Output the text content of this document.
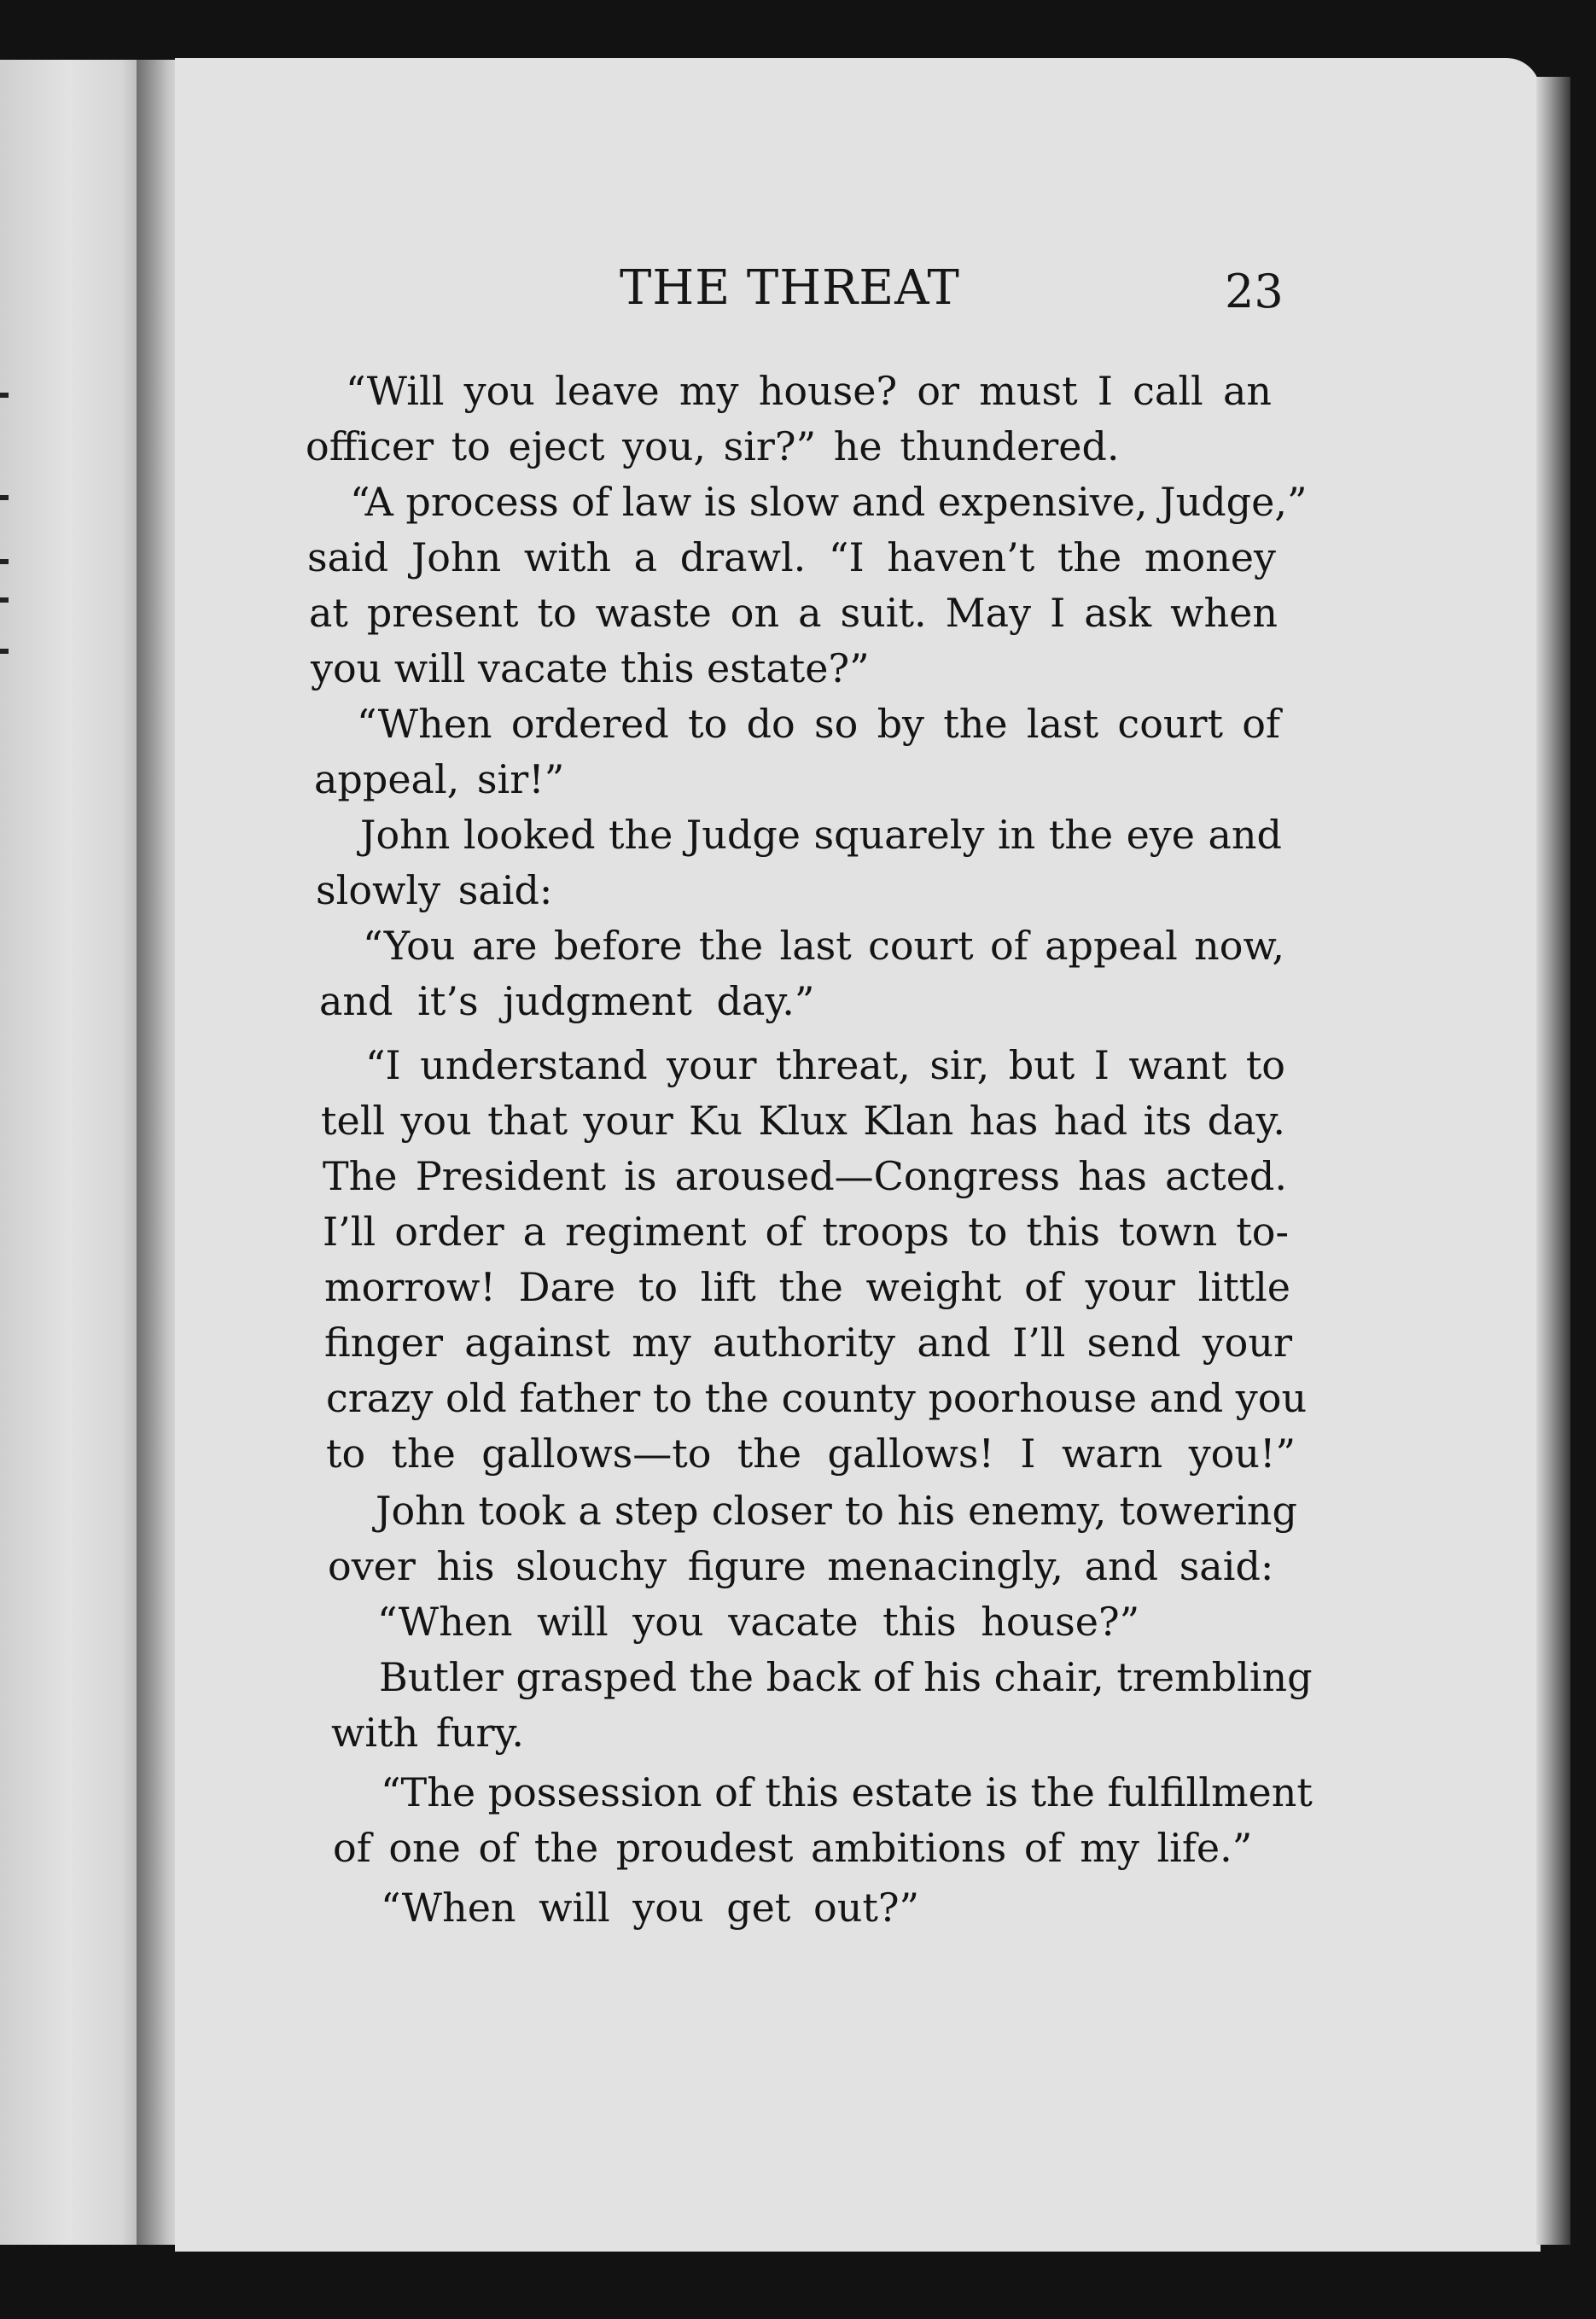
THE THREAT	23
“Will you leave my house? or must I call an
officer to eject you, sir?” he thundered.
“A process of law is slow and expensive, Judge,”
said John with a drawl. “I haven’t the money
at present to waste on a suit. May I ask when
you will vacate this estate?”
“When ordered to do so by the last court of
appeal, sir!”
John looked the Judge squarely in the eye and
slowly said:
“You are before the last court of appeal now,
and it’s judgment day.”
“I understand your threat, sir, but I want to
tell you that your Ku Klux Klan has had its day.
The President is aroused—Congress has acted.
I’ll order a regiment of troops to this town to-
morrow! Dare to lift the weight of your little
finger against my authority and I’ll send your
crazy old father to the county poorhouse and you
to the gallows—to the gallows! I warn you!”
John took a step closer to his enemy, towering
over his slouchy figure menacingly, and said:
“When will you vacate this house?”
Butler grasped the back of his chair, trembling
with fury.
“The possession of this estate is the fulfillment
of one of the proudest ambitions of my life.”
“When will you get out?”
